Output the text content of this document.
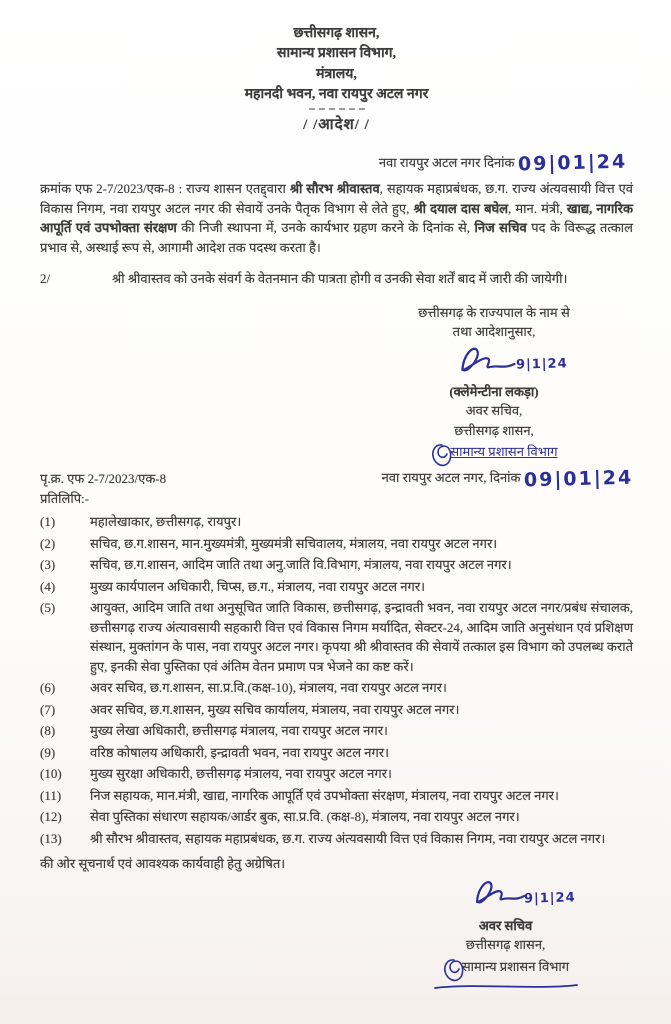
छत्तीसगढ़ शासन,
सामान्य प्रशासन विभाग,
मंत्रालय,
महानदी भवन, नवा रायपुर अटल नगर
/ /आदेश/ /
नवा रायपुर अटल नगर दिनांक 09|01|24
क्रमांक एफ 2-7/2023/एक-8 : राज्य शासन एतद्द्वारा श्री सौरभ श्रीवास्तव, सहायक महाप्रबंधक, छ.ग. राज्य अंत्यवसायी वित्त एवं विकास निगम, नवा रायपुर अटल नगर की सेवायें उनके पैतृक विभाग से लेते हुए, श्री दयाल दास बघेल, मान. मंत्री, खाद्य, नागरिक आपूर्ति एवं उपभोक्ता संरक्षण की निजी स्थापना में, उनके कार्यभार ग्रहण करने के दिनांक से, निज सचिव पद के विरूद्ध तत्काल प्रभाव से, अस्थाई रूप से, आगामी आदेश तक पदस्थ करता है।
2/	श्री श्रीवास्तव को उनके संवर्ग के वेतनमान की पात्रता होगी व उनकी सेवा शर्तें बाद में जारी की जायेगी।
छत्तीसगढ़ के राज्यपाल के नाम से
तथा आदेशानुसार,
9|1|24
(क्लेमेन्टीना लकड़ा)
अवर सचिव,
छत्तीसगढ़ शासन,
सामान्य प्रशासन विभाग
पृ.क्र. एफ 2-7/2023/एक-8	नवा रायपुर अटल नगर, दिनांक 09|01|24
प्रतिलिपि:-
(1)	महालेखाकार, छत्तीसगढ़, रायपुर।
(2)	सचिव, छ.ग.शासन, मान.मुख्यमंत्री, मुख्यमंत्री सचिवालय, मंत्रालय, नवा रायपुर अटल नगर।
(3)	सचिव, छ.ग.शासन, आदिम जाति तथा अनु.जाति वि.विभाग, मंत्रालय, नवा रायपुर अटल नगर।
(4)	मुख्य कार्यपालन अधिकारी, चिप्स, छ.ग., मंत्रालय, नवा रायपुर अटल नगर।
(5)	आयुक्त, आदिम जाति तथा अनुसूचित जाति विकास, छत्तीसगढ़, इन्द्रावती भवन, नवा रायपुर अटल नगर/प्रबंध संचालक, छत्तीसगढ़ राज्य अंत्यावसायी सहकारी वित्त एवं विकास निगम मर्यादित, सेक्टर-24, आदिम जाति अनुसंधान एवं प्रशिक्षण संस्थान, मुक्तांगन के पास, नवा रायपुर अटल नगर। कृपया श्री श्रीवास्तव की सेवायें तत्काल इस विभाग को उपलब्ध कराते हुए, इनकी सेवा पुस्तिका एवं अंतिम वेतन प्रमाण पत्र भेजने का कष्ट करें।
(6)	अवर सचिव, छ.ग.शासन, सा.प्र.वि.(कक्ष-10), मंत्रालय, नवा रायपुर अटल नगर।
(7)	अवर सचिव, छ.ग.शासन, मुख्य सचिव कार्यालय, मंत्रालय, नवा रायपुर अटल नगर।
(8)	मुख्य लेखा अधिकारी, छत्तीसगढ़ मंत्रालय, नवा रायपुर अटल नगर।
(9)	वरिष्ठ कोषालय अधिकारी, इन्द्रावती भवन, नवा रायपुर अटल नगर।
(10)	मुख्य सुरक्षा अधिकारी, छत्तीसगढ़ मंत्रालय, नवा रायपुर अटल नगर।
(11)	निज सहायक, मान.मंत्री, खाद्य, नागरिक आपूर्ति एवं उपभोक्ता संरक्षण, मंत्रालय, नवा रायपुर अटल नगर।
(12)	सेवा पुस्तिका संधारण सहायक/आर्डर बुक, सा.प्र.वि. (कक्ष-8), मंत्रालय, नवा रायपुर अटल नगर।
(13)	श्री सौरभ श्रीवास्तव, सहायक महाप्रबंधक, छ.ग. राज्य अंत्यवसायी वित्त एवं विकास निगम, नवा रायपुर अटल नगर।
की ओर सूचनार्थ एवं आवश्यक कार्यवाही हेतु अग्रेषित।
9|1|24
अवर सचिव
छत्तीसगढ़ शासन,
सामान्य प्रशासन विभाग
